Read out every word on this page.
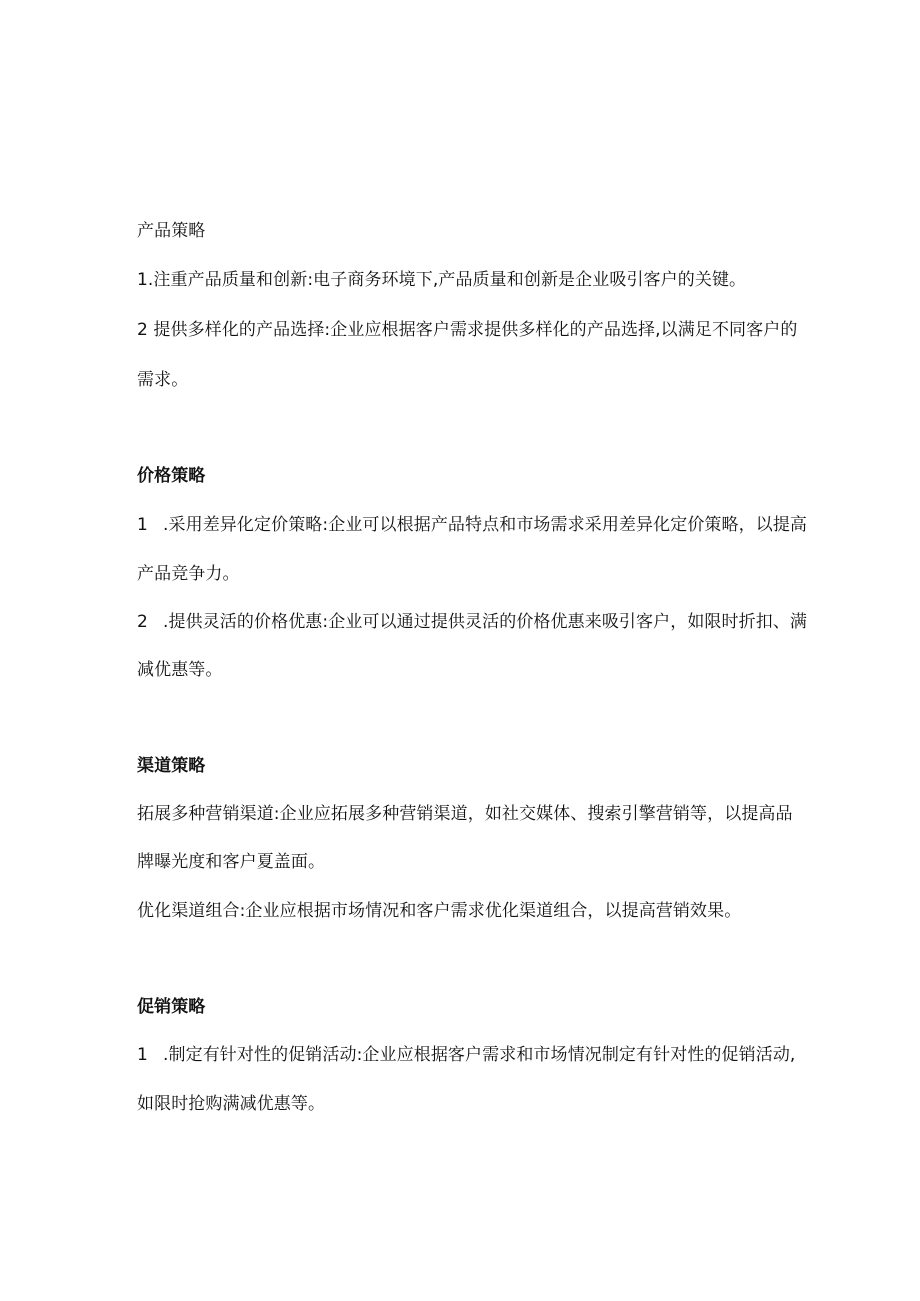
产品策略
1.注重产品质量和创新:电子商务环境下,产品质量和创新是企业吸引客户的关键。
2 提供多样化的产品选择:企业应根据客户需求提供多样化的产品选择,以满足不同客户的
需求。
价格策略
1 .采用差异化定价策略:企业可以根据产品特点和市场需求采用差异化定价策略，以提高
产品竞争力。
2 .提供灵活的价格优惠:企业可以通过提供灵活的价格优惠来吸引客户，如限时折扣、满
减优惠等。
渠道策略
拓展多种营销渠道:企业应拓展多种营销渠道，如社交媒体、搜索引擎营销等，以提高品
牌曝光度和客户夏盖面。
优化渠道组合:企业应根据市场情况和客户需求优化渠道组合，以提高营销效果。
促销策略
1 .制定有针对性的促销活动:企业应根据客户需求和市场情况制定有针对性的促销活动,
如限时抢购满减优惠等。
